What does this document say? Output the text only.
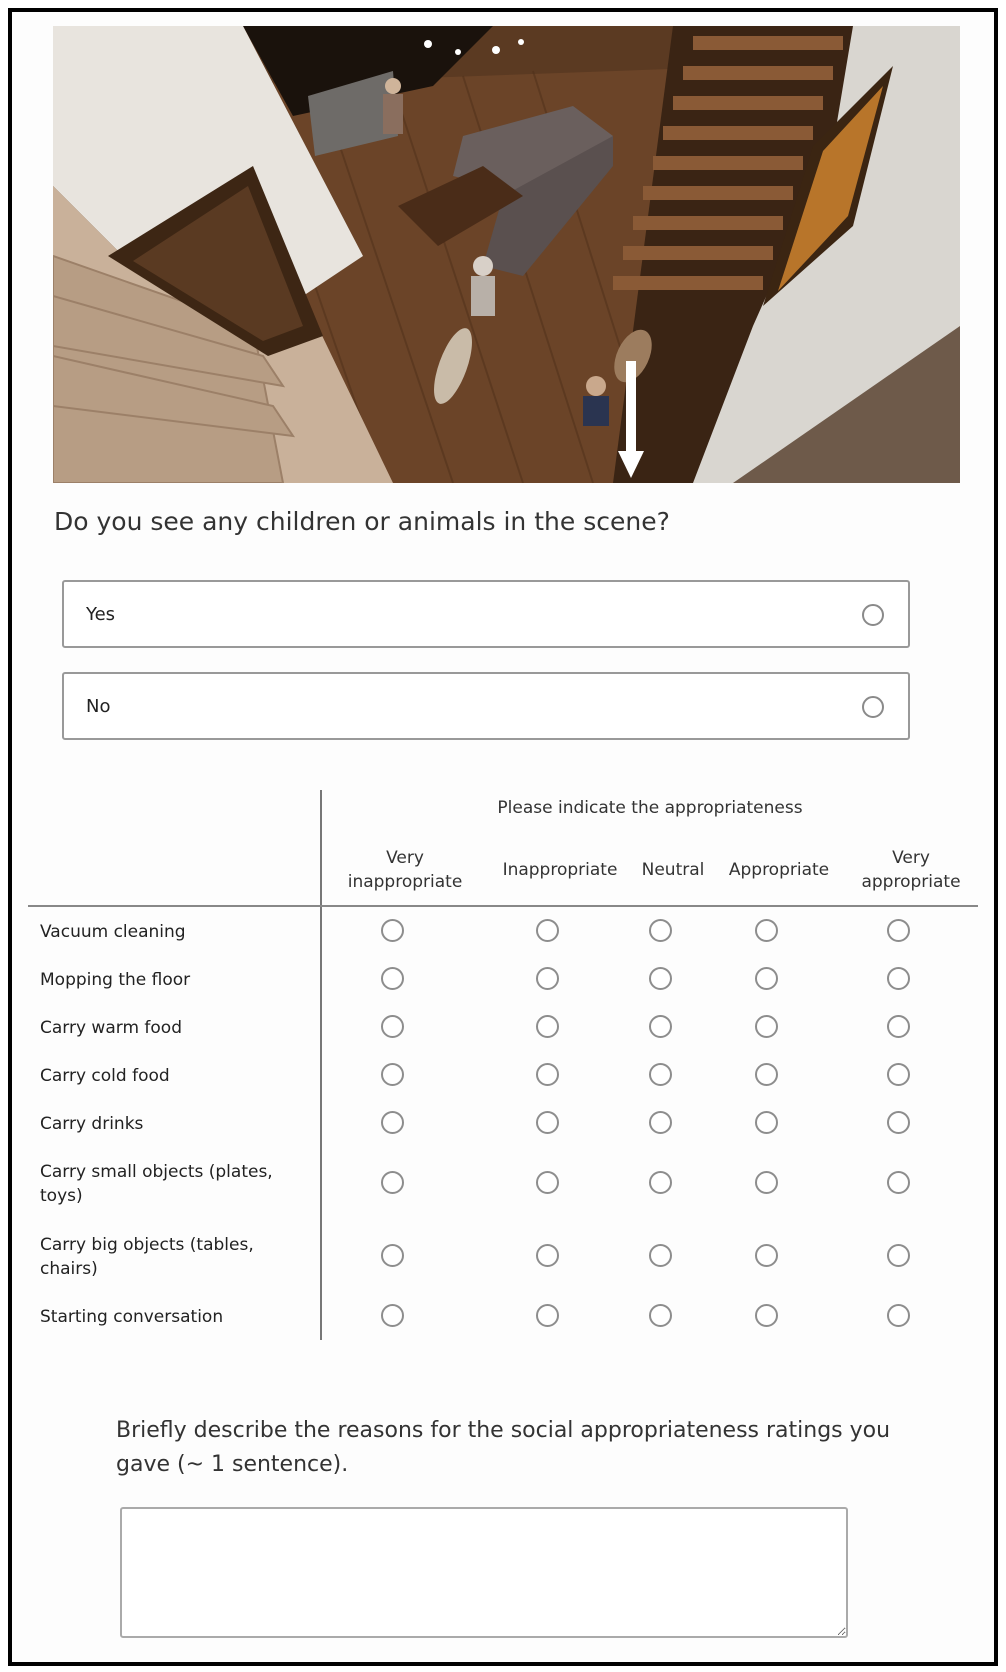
Do you see any children or animals in the scene?
Yes
No
Please indicate the appropriateness
Very inappropriate
Inappropriate	Neutral	Appropriate
Very appropriate
Vacuum cleaning
Mopping the floor
Carry warm food
Carry cold food
Carry drinks
Carry small objects (plates, toys)
Carry big objects (tables, chairs)
Starting conversation

Briefly describe the reasons for the social appropriateness ratings you gave (~ 1 sentence).
